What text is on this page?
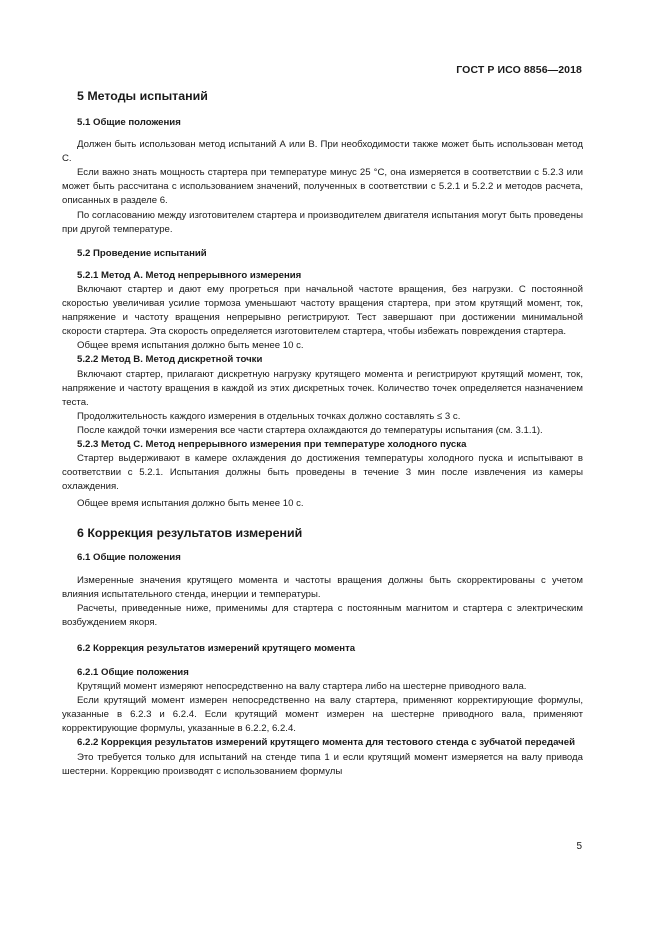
ГОСТ Р ИСО 8856—2018

5 Методы испытаний

5.1 Общие положения

Должен быть использован метод испытаний А или В. При необходимости также может быть использован метод С.

Если важно знать мощность стартера при температуре минус 25 °С, она измеряется в соответствии с 5.2.3 или может быть рассчитана с использованием значений, полученных в соответствии с 5.2.1 и 5.2.2 и методов расчета, описанных в разделе 6.

По согласованию между изготовителем стартера и производителем двигателя испытания могут быть проведены при другой температуре.

5.2 Проведение испытаний

5.2.1 Метод А. Метод непрерывного измерения

Включают стартер и дают ему прогреться при начальной частоте вращения, без нагрузки. С постоянной скоростью увеличивая усилие тормоза уменьшают частоту вращения стартера, при этом крутящий момент, ток, напряжение и частоту вращения непрерывно регистрируют. Тест завершают при достижении минимальной скорости стартера. Эта скорость определяется изготовителем стартера, чтобы избежать повреждения стартера.

Общее время испытания должно быть менее 10 с.

5.2.2 Метод В. Метод дискретной точки

Включают стартер, прилагают дискретную нагрузку крутящего момента и регистрируют крутящий момент, ток, напряжение и частоту вращения в каждой из этих дискретных точек. Количество точек определяется назначением теста.

Продолжительность каждого измерения в отдельных точках должно составлять ≤ 3 с.

После каждой точки измерения все части стартера охлаждаются до температуры испытания (см. 3.1.1).

5.2.3 Метод С. Метод непрерывного измерения при температуре холодного пуска

Стартер выдерживают в камере охлаждения до достижения температуры холодного пуска и испытывают в соответствии с 5.2.1. Испытания должны быть проведены в течение 3 мин после извлечения из камеры охлаждения.

Общее время испытания должно быть менее 10 с.

6 Коррекция результатов измерений

6.1 Общие положения

Измеренные значения крутящего момента и частоты вращения должны быть скорректированы с учетом влияния испытательного стенда, инерции и температуры.

Расчеты, приведенные ниже, применимы для стартера с постоянным магнитом и стартера с электрическим возбуждением якоря.

6.2 Коррекция результатов измерений крутящего момента

6.2.1 Общие положения

Крутящий момент измеряют непосредственно на валу стартера либо на шестерне приводного вала.

Если крутящий момент измерен непосредственно на валу стартера, применяют корректирующие формулы, указанные в 6.2.3 и 6.2.4. Если крутящий момент измерен на шестерне приводного вала, применяют корректирующие формулы, указанные в 6.2.2, 6.2.4.

6.2.2 Коррекция результатов измерений крутящего момента для тестового стенда с зубчатой передачей

Это требуется только для испытаний на стенде типа 1 и если крутящий момент измеряется на валу привода шестерни. Коррекцию производят с использованием формулы

5
